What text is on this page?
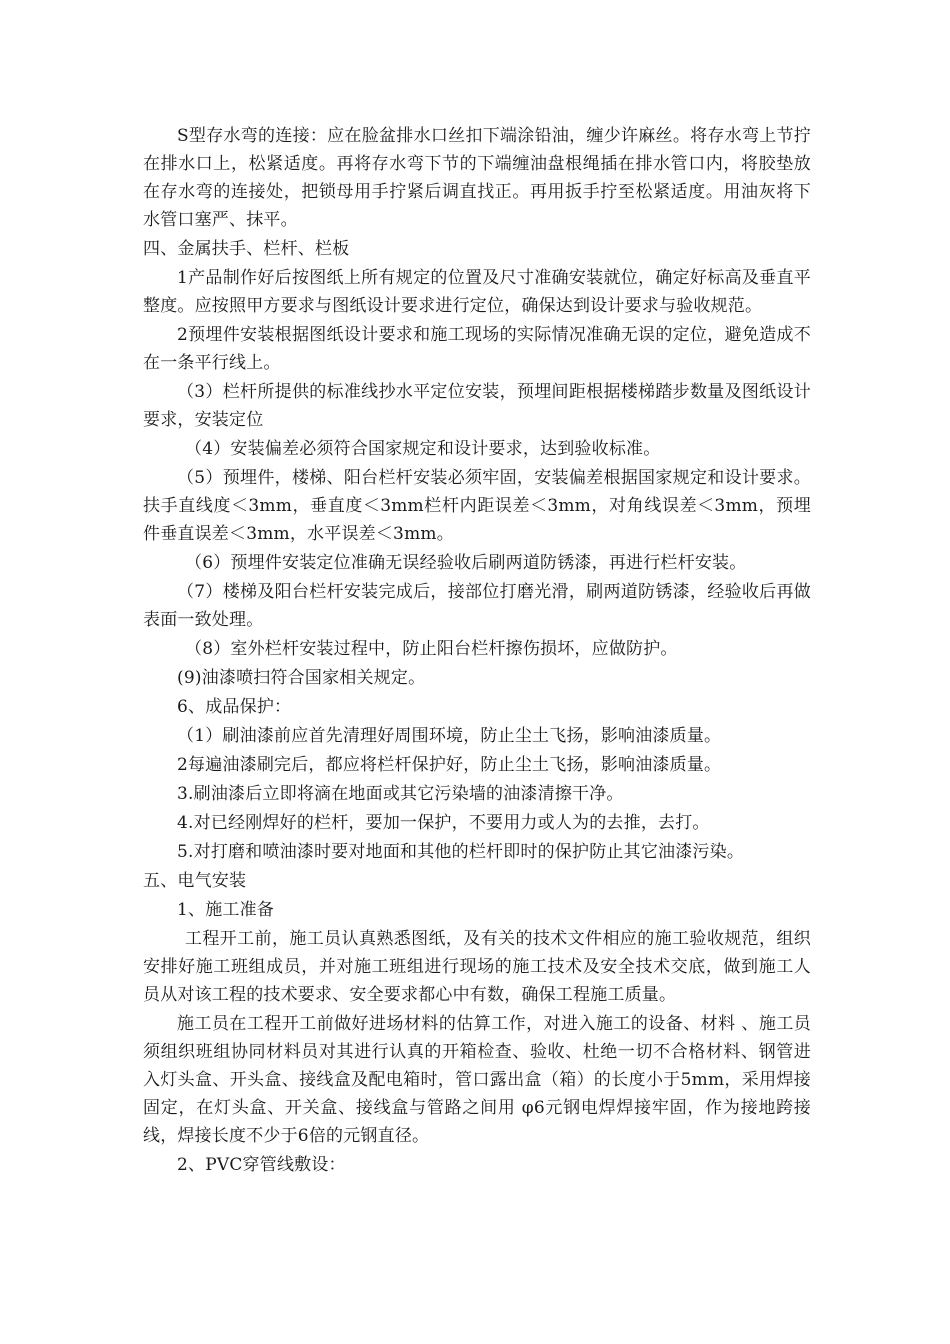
S型存水弯的连接：应在脸盆排水口丝扣下端涂铅油，缠少许麻丝。将存水弯上节拧在排水口上，松紧适度。再将存水弯下节的下端缠油盘根绳插在排水管口内，将胶垫放在存水弯的连接处，把锁母用手拧紧后调直找正。再用扳手拧至松紧适度。用油灰将下水管口塞严、抹平。

四、金属扶手、栏杆、栏板

1产品制作好后按图纸上所有规定的位置及尺寸准确安装就位，确定好标高及垂直平整度。应按照甲方要求与图纸设计要求进行定位，确保达到设计要求与验收规范。

2预埋件安装根据图纸设计要求和施工现场的实际情况准确无误的定位，避免造成不在一条平行线上。

（3）栏杆所提供的标准线抄水平定位安装，预埋间距根据楼梯踏步数量及图纸设计要求，安装定位

（4）安装偏差必须符合国家规定和设计要求，达到验收标准。

（5）预埋件，楼梯、阳台栏杆安装必须牢固，安装偏差根据国家规定和设计要求。扶手直线度＜3mm，垂直度＜3mm栏杆内距误差＜3mm，对角线误差＜3mm，预埋件垂直误差＜3mm，水平误差＜3mm。

（6）预埋件安装定位准确无误经验收后刷两道防锈漆，再进行栏杆安装。

（7）楼梯及阳台栏杆安装完成后，接部位打磨光滑，刷两道防锈漆，经验收后再做表面一致处理。

（8）室外栏杆安装过程中，防止阳台栏杆擦伤损坏，应做防护。

(9)油漆喷扫符合国家相关规定。

6、成品保护：

（1）刷油漆前应首先清理好周围环境，防止尘土飞扬，影响油漆质量。

2每遍油漆刷完后，都应将栏杆保护好，防止尘土飞扬，影响油漆质量。

3.刷油漆后立即将滴在地面或其它污染墙的油漆清擦干净。

4.对已经刚焊好的栏杆，要加一保护，不要用力或人为的去推，去打。

5.对打磨和喷油漆时要对地面和其他的栏杆即时的保护防止其它油漆污染。

五、电气安装

1、施工准备

工程开工前，施工员认真熟悉图纸，及有关的技术文件相应的施工验收规范，组织安排好施工班组成员，并对施工班组进行现场的施工技术及安全技术交底，做到施工人员从对该工程的技术要求、安全要求都心中有数，确保工程施工质量。

施工员在工程开工前做好进场材料的估算工作，对进入施工的设备、材料 、施工员须组织班组协同材料员对其进行认真的开箱检查、验收、杜绝一切不合格材料、钢管进入灯头盒、开头盒、接线盒及配电箱时，管口露出盒（箱）的长度小于5mm，采用焊接固定，在灯头盒、开关盒、接线盒与管路之间用 φ6元钢电焊焊接牢固，作为接地跨接线，焊接长度不少于6倍的元钢直径。

2、PVC穿管线敷设：
